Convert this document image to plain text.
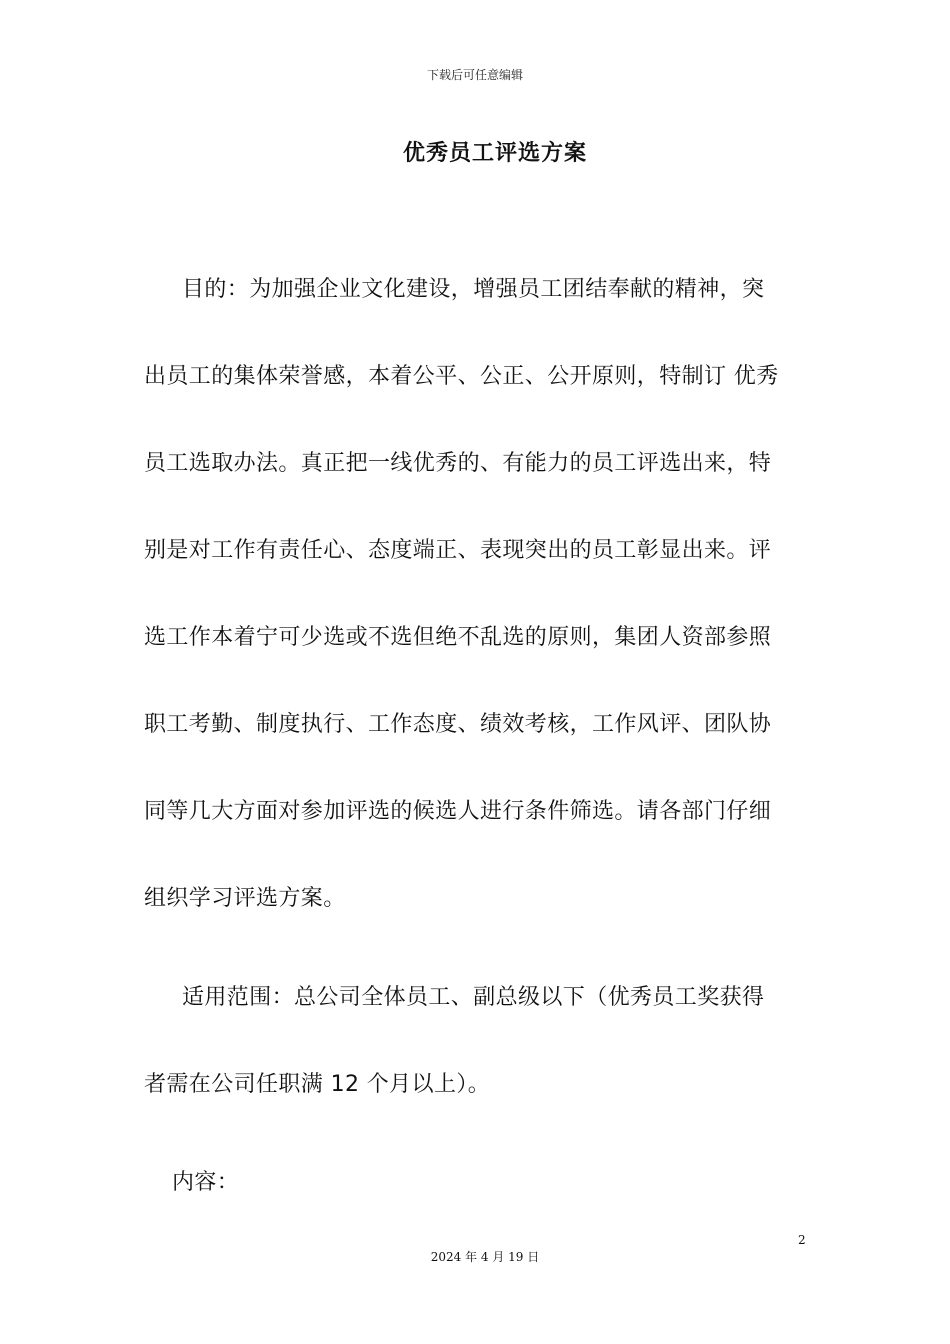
下载后可任意编辑
优秀员工评选方案
目的：为加强企业文化建设，增强员工团结奉献的精神，突
出员工的集体荣誉感，本着公平、公正、公开原则，特制订 优秀
员工选取办法。真正把一线优秀的、有能力的员工评选出来，特
别是对工作有责任心、态度端正、表现突出的员工彰显出来。评
选工作本着宁可少选或不选但绝不乱选的原则，集团人资部参照
职工考勤、制度执行、工作态度、绩效考核，工作风评、团队协
同等几大方面对参加评选的候选人进行条件筛选。请各部门仔细
组织学习评选方案。
适用范围：总公司全体员工、副总级以下（优秀员工奖获得
者需在公司任职满 12 个月以上）。
内容：
2
2024 年 4 月 19 日
